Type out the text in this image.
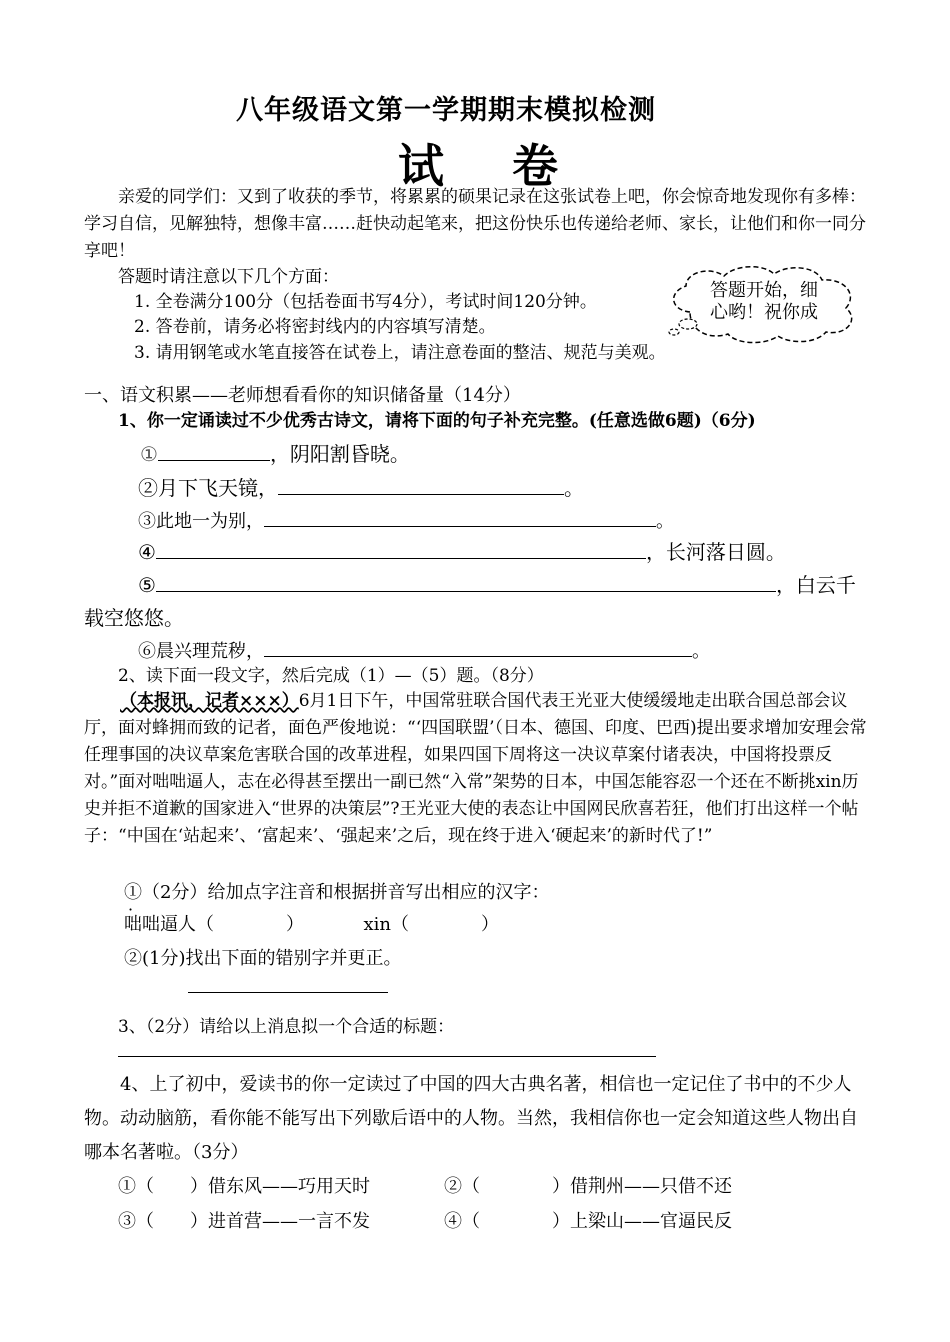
八年级语文第一学期期末模拟检测
试卷
亲爱的同学们：又到了收获的季节，将累累的硕果记录在这张试卷上吧，你会惊奇地发现你有多棒：学习自信，见解独特，想像丰富……赶快动起笔来，把这份快乐也传递给老师、家长，让他们和你一同分享吧！
答题时请注意以下几个方面：
1. 全卷满分100分（包括卷面书写4分），考试时间120分钟。
2. 答卷前，请务必将密封线内的内容填写清楚。
3. 请用钢笔或水笔直接答在试卷上，请注意卷面的整洁、规范与美观。
答题开始，细
心哟！祝你成
一、语文积累——老师想看看你的知识储备量（14分）
1、你一定诵读过不少优秀古诗文，请将下面的句子补充完整。(任意选做6题)（6分)
①	，阴阳割昏晓。
②月下飞天镜，	。
③此地一为别，	。
④	，长河落日圆。
⑤	，白云千
载空悠悠。
⑥晨兴理荒秽，	。
2、读下面一段文字，然后完成（1）—（5）题。（8分）
（本报讯，记者×××）6月1日下午，中国常驻联合国代表王光亚大使缓缓地走出联合国总部会议厅，面对蜂拥而致的记者，面色严俊地说：“‘四国联盟’（日本、德国、印度、巴西)提出要求增加安理会常任理事国的决议草案危害联合国的改革进程，如果四国下周将这一决议草案付诸表决，中国将投票反对。”面对咄咄逼人，志在必得甚至摆出一副已然“入常”架势的日本，中国怎能容忍一个还在不断挑xin历史并拒不道歉的国家进入“世界的决策层”?王光亚大使的表态让中国网民欣喜若狂，他们打出这样一个帖子：“中国在‘站起来’、‘富起来’、‘强起来’之后，现在终于进入‘硬起来’的新时代了!”
①（2分）给加点字注音和根据拼音写出相应的汉字：
咄咄逼人（　　　　）	xin（　　　　）
②(1分)找出下面的错别字并更正。
3、（2分）请给以上消息拟一个合适的标题：
4、上了初中，爱读书的你一定读过了中国的四大古典名著，相信也一定记住了书中的不少人物。动动脑筋，看你能不能写出下列歇后语中的人物。当然，我相信你也一定会知道这些人物出自哪本名著啦。（3分）
①（　　）借东风——巧用天时	②（　　　　）借荆州——只借不还
③（　　）进首营——一言不发	④（　　　　）上梁山——官逼民反
